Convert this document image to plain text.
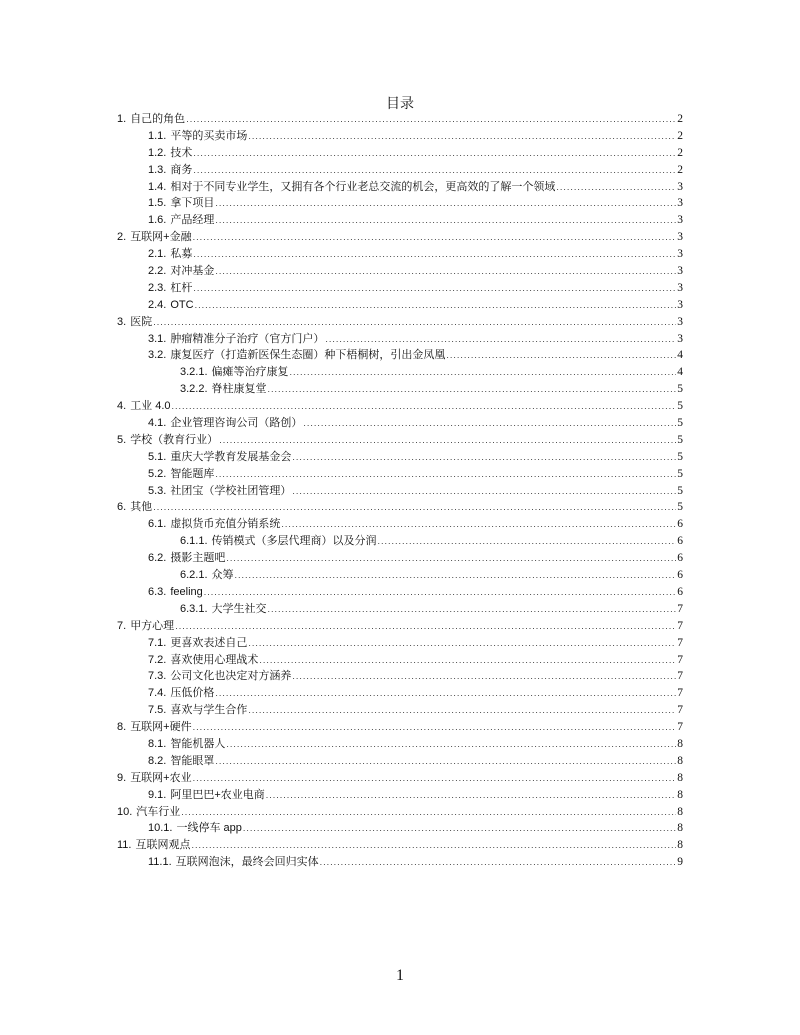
目录
1. 自己的角色 .....	2
1.1. 平等的买卖市场 .....	2
1.2. 技术 .....	2
1.3. 商务 .....	2
1.4. 相对于不同专业学生，又拥有各个行业老总交流的机会，更高效的了解一个领域 .....	3
1.5. 拿下项目 .....	3
1.6. 产品经理 .....	3
2. 互联网+金融 .....	3
2.1. 私募 .....	3
2.2. 对冲基金 .....	3
2.3. 杠杆 .....	3
2.4. OTC .....	3
3. 医院 .....	3
3.1. 肿瘤精准分子治疗（官方门户） .....	3
3.2. 康复医疗（打造新医保生态圈）种下梧桐树，引出金凤凰 .....	4
3.2.1. 偏瘫等治疗康复 .....	4
3.2.2. 脊柱康复堂 .....	5
4. 工业 4.0 .....	5
4.1. 企业管理咨询公司（路创） .....	5
5. 学校（教育行业） .....	5
5.1. 重庆大学教育发展基金会 .....	5
5.2. 智能题库 .....	5
5.3. 社团宝（学校社团管理） .....	5
6. 其他 .....	5
6.1. 虚拟货币充值分销系统 .....	6
6.1.1. 传销模式（多层代理商）以及分润 .....	6
6.2. 摄影主题吧 .....	6
6.2.1. 众筹 .....	6
6.3. feeling .....	6
6.3.1. 大学生社交 .....	7
7. 甲方心理 .....	7
7.1. 更喜欢表述自己 .....	7
7.2. 喜欢使用心理战术 .....	7
7.3. 公司文化也决定对方涵养 .....	7
7.4. 压低价格 .....	7
7.5. 喜欢与学生合作 .....	7
8. 互联网+硬件 .....	7
8.1. 智能机器人 .....	8
8.2. 智能眼罩 .....	8
9. 互联网+农业 .....	8
9.1. 阿里巴巴+农业电商 .....	8
10. 汽车行业 .....	8
10.1. 一线停车 app .....	8
11. 互联网观点 .....	8
11.1. 互联网泡沫，最终会回归实体 .....	9
1
